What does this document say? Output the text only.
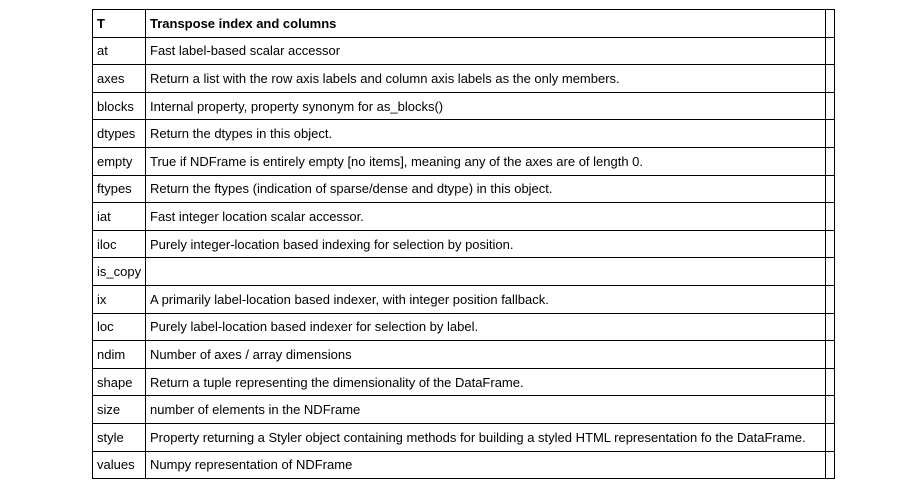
T	Transpose index and columns	
at	Fast label-based scalar accessor	
axes	Return a list with the row axis labels and column axis labels as the only members.	
blocks	Internal property, property synonym for as_blocks()	
dtypes	Return the dtypes in this object.	
empty	True if NDFrame is entirely empty [no items], meaning any of the axes are of length 0.	
ftypes	Return the ftypes (indication of sparse/dense and dtype) in this object.	
iat	Fast integer location scalar accessor.	
iloc	Purely integer-location based indexing for selection by position.	
is_copy		
ix	A primarily label-location based indexer, with integer position fallback.	
loc	Purely label-location based indexer for selection by label.	
ndim	Number of axes / array dimensions	
shape	Return a tuple representing the dimensionality of the DataFrame.	
size	number of elements in the NDFrame	
style	Property returning a Styler object containing methods for building a styled HTML representation fo the DataFrame.	
values	Numpy representation of NDFrame	
